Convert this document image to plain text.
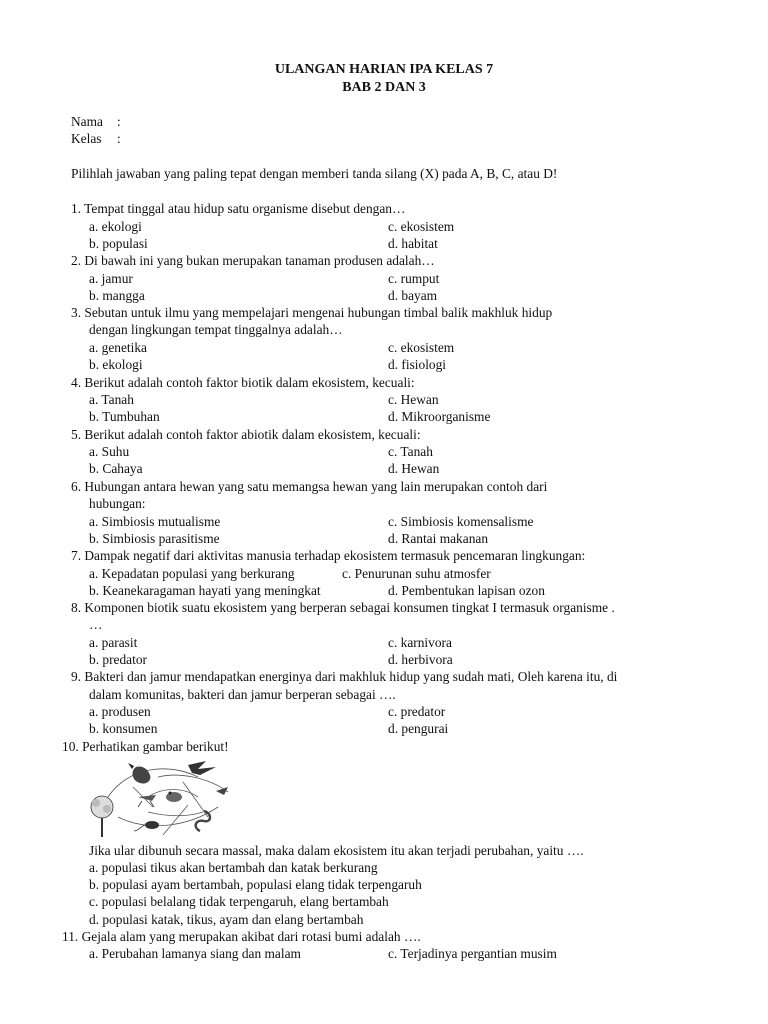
ULANGAN HARIAN IPA KELAS 7
BAB 2 DAN 3
Nama :
Kelas :
Pilihlah jawaban yang paling tepat dengan memberi tanda silang (X) pada A, B, C, atau D!
1. Tempat tinggal atau hidup satu organisme disebut dengan…
a. ekologi	c. ekosistem
b. populasi	d. habitat
2. Di bawah ini yang bukan merupakan tanaman produsen adalah…
a. jamur	c. rumput
b. mangga	d. bayam
3. Sebutan untuk ilmu yang mempelajari mengenai hubungan timbal balik makhluk hidup
dengan lingkungan tempat tinggalnya adalah…
a. genetika	c. ekosistem
b. ekologi	d. fisiologi
4. Berikut adalah contoh faktor biotik dalam ekosistem, kecuali:
a. Tanah	c. Hewan
b. Tumbuhan	d. Mikroorganisme
5. Berikut adalah contoh faktor abiotik dalam ekosistem, kecuali:
a. Suhu	c. Tanah
b. Cahaya	d. Hewan
6. Hubungan antara hewan yang satu memangsa hewan yang lain merupakan contoh dari
hubungan:
a. Simbiosis mutualisme	c. Simbiosis komensalisme
b. Simbiosis parasitisme	d. Rantai makanan
7. Dampak negatif dari aktivitas manusia terhadap ekosistem termasuk pencemaran lingkungan:
a. Kepadatan populasi yang berkurang	c. Penurunan suhu atmosfer
b. Keanekaragaman hayati yang meningkat	d. Pembentukan lapisan ozon
8. Komponen biotik suatu ekosistem yang berperan sebagai konsumen tingkat I termasuk organisme .
…
a. parasit	c. karnivora
b. predator	d. herbivora
9. Bakteri dan jamur mendapatkan energinya dari makhluk hidup yang sudah mati, Oleh karena itu, di
dalam komunitas, bakteri dan jamur berperan sebagai ….
a. produsen	c. predator
b. konsumen	d. pengurai
10. Perhatikan gambar berikut!
Jika ular dibunuh secara massal, maka dalam ekosistem itu akan terjadi perubahan, yaitu ….
a. populasi tikus akan bertambah dan katak berkurang
b. populasi ayam bertambah, populasi elang tidak terpengaruh
c. populasi belalang tidak terpengaruh, elang bertambah
d. populasi katak, tikus, ayam dan elang bertambah
11. Gejala alam yang merupakan akibat dari rotasi bumi adalah ….
a. Perubahan lamanya siang dan malam	c. Terjadinya pergantian musim
